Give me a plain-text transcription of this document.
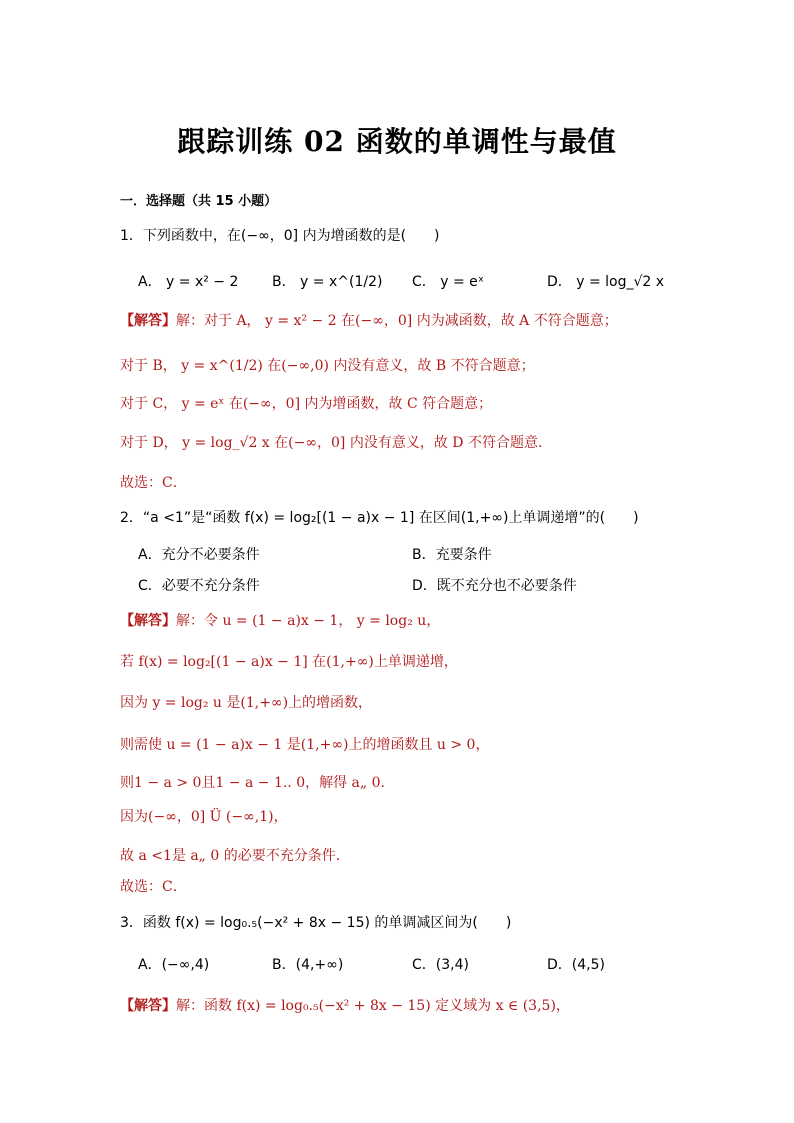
跟踪训练 02 函数的单调性与最值
一．选择题（共 15 小题）
1．下列函数中，在(−∞，0] 内为增函数的是(　　)
A． y = x² − 2 B． y = x^(1/2) C． y = eˣ	D． y = log_√2 x
【解答】解：对于 A， y = x² − 2 在(−∞，0] 内为减函数，故 A 不符合题意；
对于 B， y = x^(1/2) 在(−∞,0) 内没有意义，故 B 不符合题意；
对于 C， y = eˣ 在(−∞，0] 内为增函数，故 C 符合题意；
对于 D， y = log_√2 x 在(−∞，0] 内没有意义，故 D 不符合题意．
故选：C．
2．“a <1”是“函数 f(x) = log₂[(1 − a)x − 1] 在区间(1,+∞)上单调递增”的(　　)
A．充分不必要条件	B．充要条件
C．必要不充分条件	D．既不充分也不必要条件
【解答】解：令 u = (1 − a)x − 1， y = log₂ u，
若 f(x) = log₂[(1 − a)x − 1] 在(1,+∞)上单调递增，
因为 y = log₂ u 是(1,+∞)上的增函数，
则需使 u = (1 − a)x − 1 是(1,+∞)上的增函数且 u > 0，
则1 − a > 0且1 − a − 1.. 0，解得 a„ 0．
因为(−∞，0] Ü (−∞,1)，
故 a <1是 a„ 0 的必要不充分条件．
故选：C．
3．函数 f(x) = log₀.₅(−x² + 8x − 15) 的单调减区间为(　　)
A．(−∞,4)	B．(4,+∞)	C．(3,4)	D．(4,5)
【解答】解：函数 f(x) = log₀.₅(−x² + 8x − 15) 定义域为 x ∈ (3,5)，
